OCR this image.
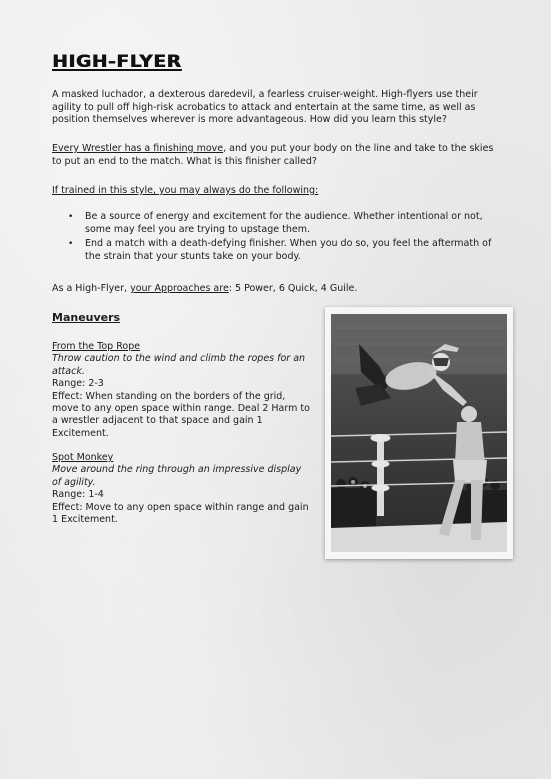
HIGH-FLYER

A masked luchador, a dexterous daredevil, a fearless cruiser-weight. High-flyers use their agility to pull off high-risk acrobatics to attack and entertain at the same time, as well as position themselves wherever is more advantageous. How did you learn this style?

Every Wrestler has a finishing move, and you put your body on the line and take to the skies to put an end to the match. What is this finisher called?

If trained in this style, you may always do the following:

• Be a source of energy and excitement for the audience. Whether intentional or not, some may feel you are trying to upstage them.
• End a match with a death-defying finisher. When you do so, you feel the aftermath of the strain that your stunts take on your body.

As a High-Flyer, your Approaches are: 5 Power, 6 Quick, 4 Guile.

Maneuvers
From the Top Rope
Throw caution to the wind and climb the ropes for an attack.
Range: 2-3
Effect: When standing on the borders of the grid, move to any open space within range. Deal 2 Harm to a wrestler adjacent to that space and gain 1 Excitement.
Spot Monkey
Move around the ring through an impressive display of agility.
Range: 1-4
Effect: Move to any open space within range and gain 1 Excitement.
